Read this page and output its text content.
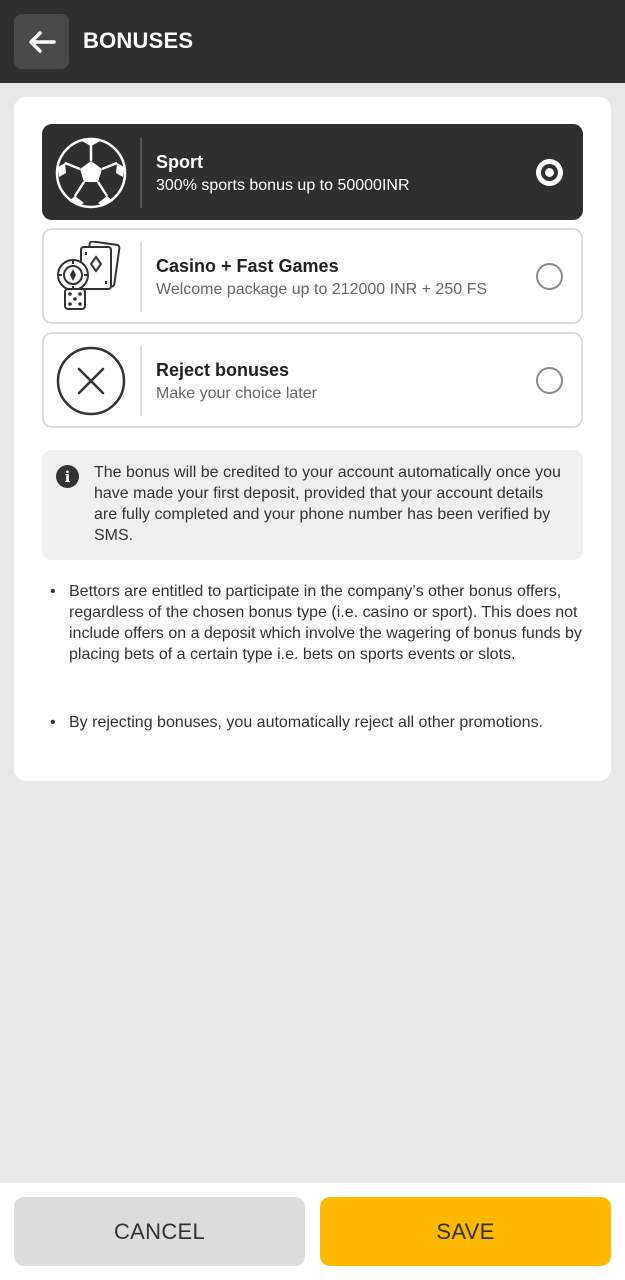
BONUSES
Sport
300% sports bonus up to 50000INR
Casino + Fast Games
Welcome package up to 212000 INR + 250 FS
Reject bonuses
Make your choice later
i	The bonus will be credited to your account automatically once you have made your first deposit, provided that your account details are fully completed and your phone number has been verified by SMS.
• Bettors are entitled to participate in the company’s other bonus offers, regardless of the chosen bonus type (i.e. casino or sport). This does not include offers on a deposit which involve the wagering of bonus funds by placing bets of a certain type i.e. bets on sports events or slots.
• By rejecting bonuses, you automatically reject all other promotions.
CANCEL	SAVE
